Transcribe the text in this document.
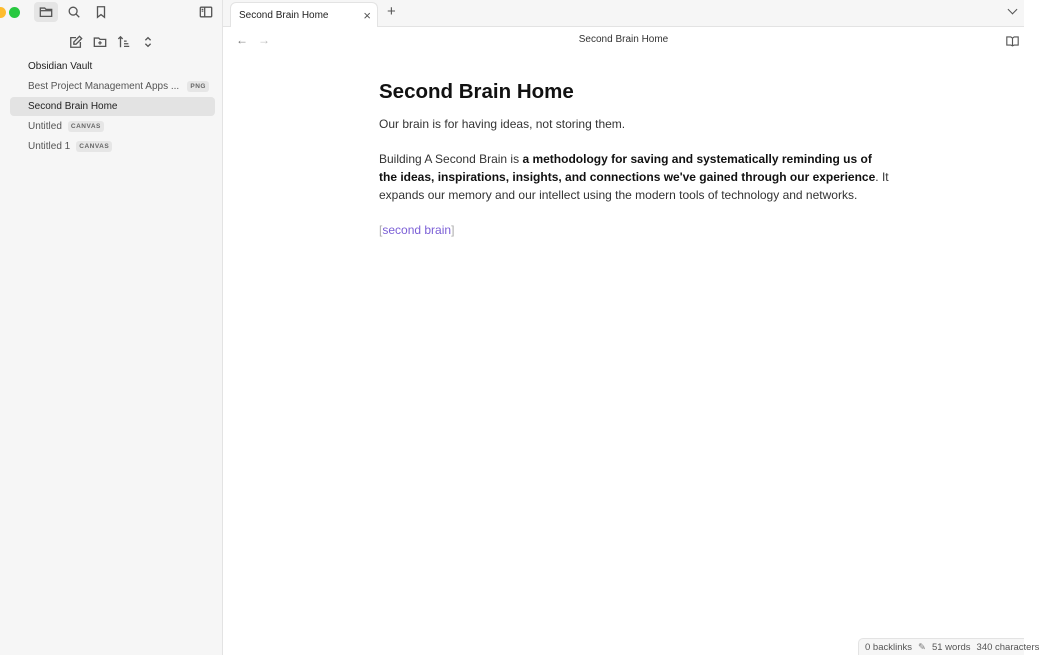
Obsidian Vault
Best Project Management Apps ...	PNG
Second Brain Home
Untitled	CANVAS
Untitled 1	CANVAS
Second Brain Home	× +
← →	Second Brain Home
Second Brain Home

Our brain is for having ideas, not storing them.

Building A Second Brain is a methodology for saving and systematically reminding us of the ideas, inspirations, insights, and connections we've gained through our experience. It expands our memory and our intellect using the modern tools of technology and networks.

[second brain]

0 backlinks ✎ 51 words 340 characters
